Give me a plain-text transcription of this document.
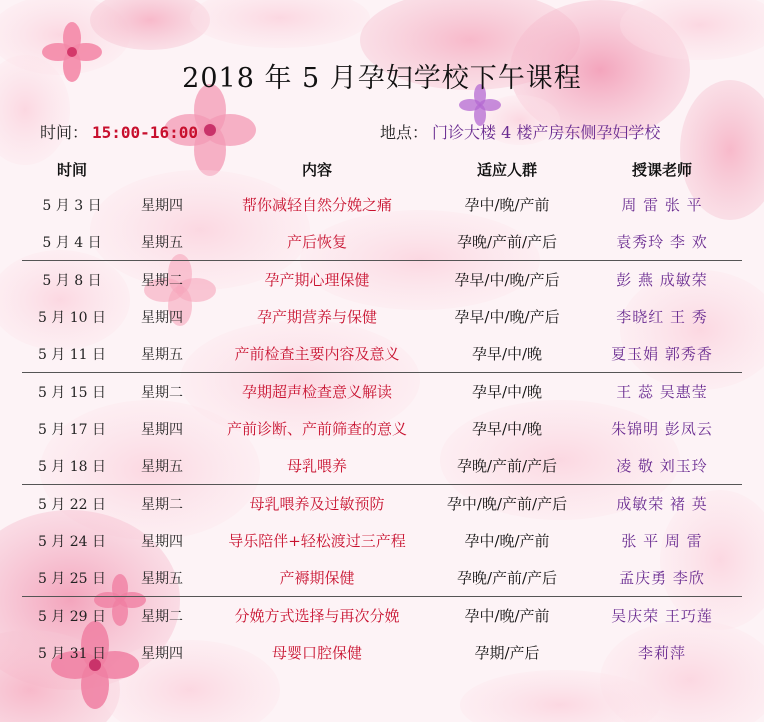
2018 年 5 月孕妇学校下午课程
时间： 15:00-16:00	地点： 门诊大楼 4 楼产房东侧孕妇学校
时间	内容	适应人群	授课老师
5 月 3 日	星期四	帮你减轻自然分娩之痛	孕中/晚/产前	周 雷 张 平
5 月 4 日	星期五	产后恢复	孕晚/产前/产后	袁秀玲 李 欢
5 月 8 日	星期二	孕产期心理保健	孕早/中/晚/产后	彭 燕 成敏荣
5 月 10 日	星期四	孕产期营养与保健	孕早/中/晚/产后	李晓红 王 秀
5 月 11 日	星期五	产前检查主要内容及意义	孕早/中/晚	夏玉娟 郭秀香
5 月 15 日	星期二	孕期超声检查意义解读	孕早/中/晚	王 蕊 吴惠莹
5 月 17 日	星期四	产前诊断、产前筛查的意义	孕早/中/晚	朱锦明 彭凤云
5 月 18 日	星期五	母乳喂养	孕晚/产前/产后	凌 敬 刘玉玲
5 月 22 日	星期二	母乳喂养及过敏预防	孕中/晚/产前/产后	成敏荣 褚 英
5 月 24 日	星期四	导乐陪伴+轻松渡过三产程	孕中/晚/产前	张 平 周 雷
5 月 25 日	星期五	产褥期保健	孕晚/产前/产后	孟庆勇 李欣
5 月 29 日	星期二	分娩方式选择与再次分娩	孕中/晚/产前	吴庆荣 王巧莲
5 月 31 日	星期四	母婴口腔保健	孕期/产后	李莉萍
